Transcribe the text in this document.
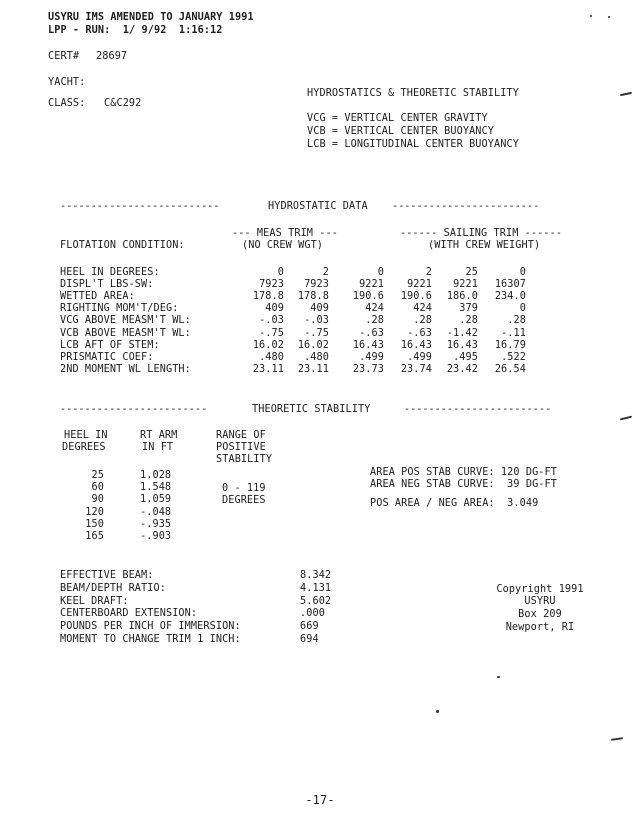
USYRU IMS AMENDED TO JANUARY 1991
LPP - RUN:  1/ 9/92  1:16:12
CERT# 28697
YACHT:
CLASS: C&C292
HYDROSTATICS & THEORETIC STABILITY
VCG = VERTICAL CENTER GRAVITY
VCB = VERTICAL CENTER BUOYANCY
LCB = LONGITUDINAL CENTER BUOYANCY
--------------------------	HYDROSTATIC DATA ------------------------
--- MEAS TRIM ---
(NO CREW WGT)
------ SAILING TRIM ------
(WITH CREW WEIGHT)
FLOTATION CONDITION:
HEEL IN DEGREES:	0	2	0	2	25	0
DISPL'T LBS-SW:	7923	7923	9221	9221	9221	16307
WETTED AREA:	178.8	178.8	190.6	190.6	186.0	234.0
RIGHTING MOM'T/DEG:	409	409	424	424	379	0
VCG ABOVE MEASM'T WL:	-.03	-.03	.28	.28	.28	.28
VCB ABOVE MEASM'T WL:	-.75	-.75	-.63	-.63	-1.42	-.11
LCB AFT OF STEM:	16.02	16.02	16.43	16.43	16.43	16.79
PRISMATIC COEF:	.480	.480	.499	.499	.495	.522
2ND MOMENT WL LENGTH:	23.11	23.11	23.73	23.74	23.42	26.54
------------------------	THEORETIC STABILITY	------------------------
HEEL IN
DEGREES
RT ARM
IN FT
RANGE OF
POSITIVE
STABILITY
25	1.028
60	1.548
90	1.059
120	-.048
150	-.935
165	-.903
0 - 119
DEGREES
AREA POS STAB CURVE: 120 DG-FT
AREA NEG STAB CURVE:  39 DG-FT
POS AREA / NEG AREA:  3.049
EFFECTIVE BEAM:	8.342
BEAM/DEPTH RATIO:	4.131
KEEL DRAFT:	5.602
CENTERBOARD EXTENSION:	.000
POUNDS PER INCH OF IMMERSION:	669
MOMENT TO CHANGE TRIM 1 INCH:	694
Copyright 1991
USYRU
Box 209
Newport, RI
-17-
